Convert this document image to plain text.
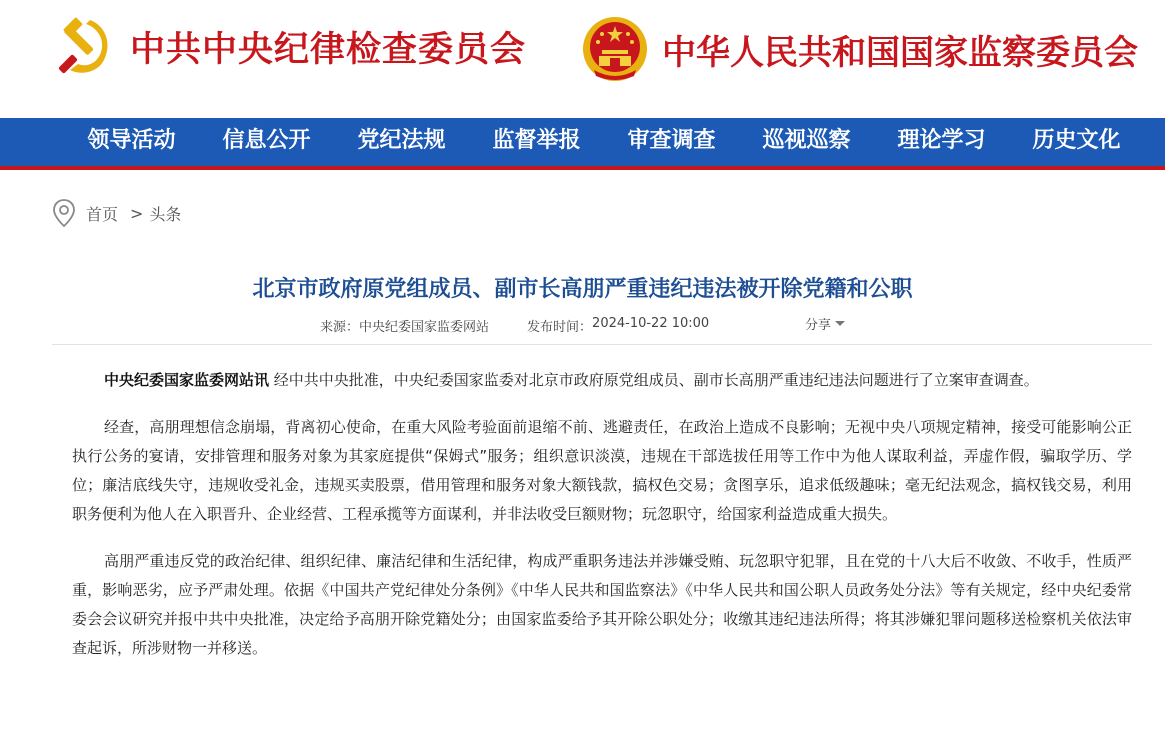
中共中央纪律检查委员会	中华人民共和国国家监察委员会
领导活动	信息公开	党纪法规	监督举报	审查调查	巡视巡察	理论学习	历史文化
首页 > 头条
北京市政府原党组成员、副市长高朋严重违纪违法被开除党籍和公职
来源： 中央纪委国家监委网站	发布时间： 2024-10-22 10:00	分享

中央纪委国家监委网站讯 经中共中央批准，中央纪委国家监委对北京市政府原党组成员、副市长高朋严重违纪违法问题进行了立案审查调查。

经查，高朋理想信念崩塌，背离初心使命，在重大风险考验面前退缩不前、逃避责任，在政治上造成不良影响；无视中央八项规定精神，接受可能影响公正执行公务的宴请，安排管理和服务对象为其家庭提供“保姆式”服务；组织意识淡漠，违规在干部选拔任用等工作中为他人谋取利益，弄虚作假，骗取学历、学位；廉洁底线失守，违规收受礼金，违规买卖股票，借用管理和服务对象大额钱款，搞权色交易；贪图享乐，追求低级趣味；毫无纪法观念，搞权钱交易，利用职务便利为他人在入职晋升、企业经营、工程承揽等方面谋利，并非法收受巨额财物；玩忽职守，给国家利益造成重大损失。

高朋严重违反党的政治纪律、组织纪律、廉洁纪律和生活纪律，构成严重职务违法并涉嫌受贿、玩忽职守犯罪，且在党的十八大后不收敛、不收手，性质严重，影响恶劣，应予严肃处理。依据《中国共产党纪律处分条例》《中华人民共和国监察法》《中华人民共和国公职人员政务处分法》等有关规定，经中央纪委常委会会议研究并报中共中央批准，决定给予高朋开除党籍处分；由国家监委给予其开除公职处分；收缴其违纪违法所得；将其涉嫌犯罪问题移送检察机关依法审查起诉，所涉财物一并移送。
